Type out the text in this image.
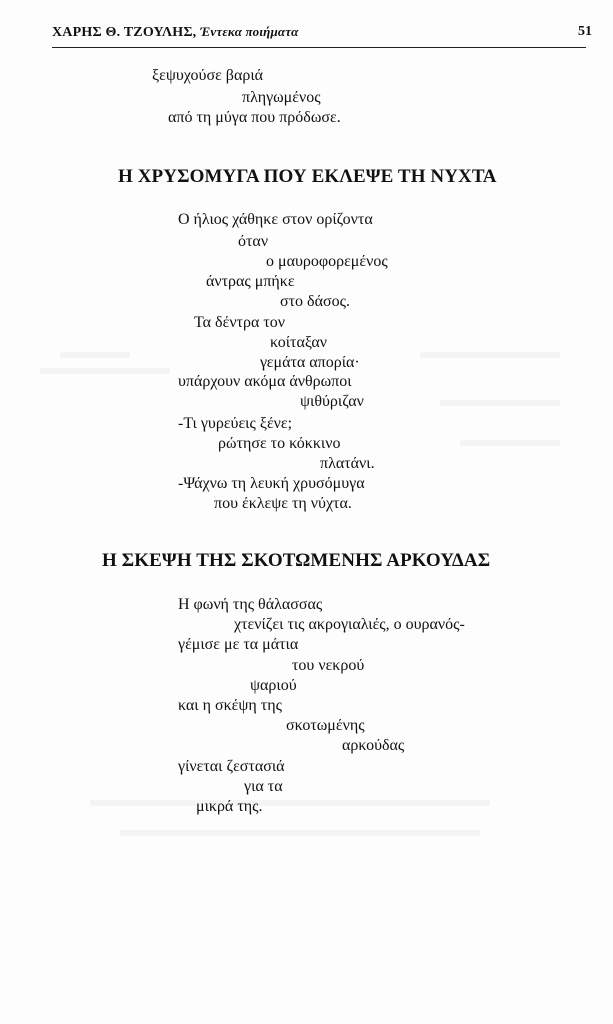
ΧΑΡΗΣ Θ. ΤΖΟΥΛΗΣ, Έντεκα ποιήματα	51
ξεψυχούσε βαριά
πληγωμένος
από τη μύγα που πρόδωσε.
Η ΧΡΥΣΟΜΥΓΑ ΠΟΥ ΕΚΛΕΨΕ ΤΗ ΝΥΧΤΑ
Ο ήλιος χάθηκε στον ορίζοντα
όταν
ο μαυροφορεμένος
άντρας μπήκε
στο δάσος.
Τα δέντρα τον
κοίταξαν
γεμάτα απορία·
υπάρχουν ακόμα άνθρωποι
ψιθύριζαν
-Τι γυρεύεις ξένε;
ρώτησε το κόκκινο
πλατάνι.
-Ψάχνω τη λευκή χρυσόμυγα
που έκλεψε τη νύχτα.
Η ΣΚΕΨΗ ΤΗΣ ΣΚΟΤΩΜΕΝΗΣ ΑΡΚΟΥΔΑΣ
Η φωνή της θάλασσας
χτενίζει τις ακρογιαλιές, ο ουρανός-
γέμισε με τα μάτια
του νεκρού
ψαριού
και η σκέψη της
σκοτωμένης
αρκούδας
γίνεται ζεστασιά
για τα
μικρά της.
